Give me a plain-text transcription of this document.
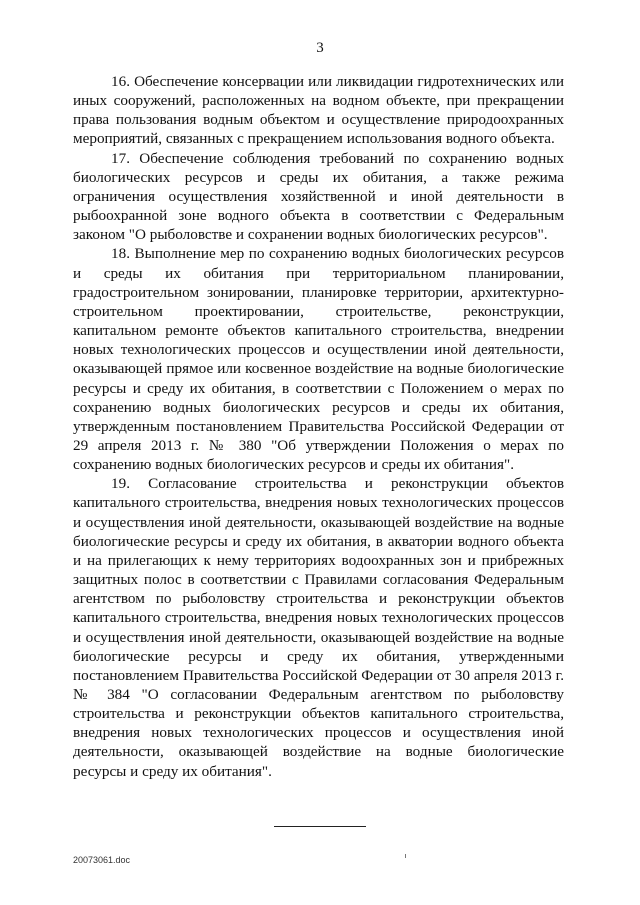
3

16. Обеспечение консервации или ликвидации гидротехнических или иных сооружений, расположенных на водном объекте, при прекращении права пользования водным объектом и осуществление природоохранных мероприятий, связанных с прекращением использования водного объекта.

17. Обеспечение соблюдения требований по сохранению водных биологических ресурсов и среды их обитания, а также режима ограничения осуществления хозяйственной и иной деятельности в рыбоохранной зоне водного объекта в соответствии с Федеральным законом "О рыболовстве и сохранении водных биологических ресурсов".

18. Выполнение мер по сохранению водных биологических ресурсов и среды их обитания при территориальном планировании, градостроительном зонировании, планировке территории, архитектурно-строительном проектировании, строительстве, реконструкции, капитальном ремонте объектов капитального строительства, внедрении новых технологических процессов и осуществлении иной деятельности, оказывающей прямое или косвенное воздействие на водные биологические ресурсы и среду их обитания, в соответствии с Положением о мерах по сохранению водных биологических ресурсов и среды их обитания, утвержденным постановлением Правительства Российской Федерации от 29 апреля 2013 г. № 380 "Об утверждении Положения о мерах по сохранению водных биологических ресурсов и среды их обитания".

19. Согласование строительства и реконструкции объектов капитального строительства, внедрения новых технологических процессов и осуществления иной деятельности, оказывающей воздействие на водные биологические ресурсы и среду их обитания, в акватории водного объекта и на прилегающих к нему территориях водоохранных зон и прибрежных защитных полос в соответствии с Правилами согласования Федеральным агентством по рыболовству строительства и реконструкции объектов капитального строительства, внедрения новых технологических процессов и осуществления иной деятельности, оказывающей воздействие на водные биологические ресурсы и среду их обитания, утвержденными постановлением Правительства Российской Федерации от 30 апреля 2013 г. № 384 "О согласовании Федеральным агентством по рыболовству строительства и реконструкции объектов капитального строительства, внедрения новых технологических процессов и осуществления иной деятельности, оказывающей воздействие на водные биологические ресурсы и среду их обитания".

20073061.doc
